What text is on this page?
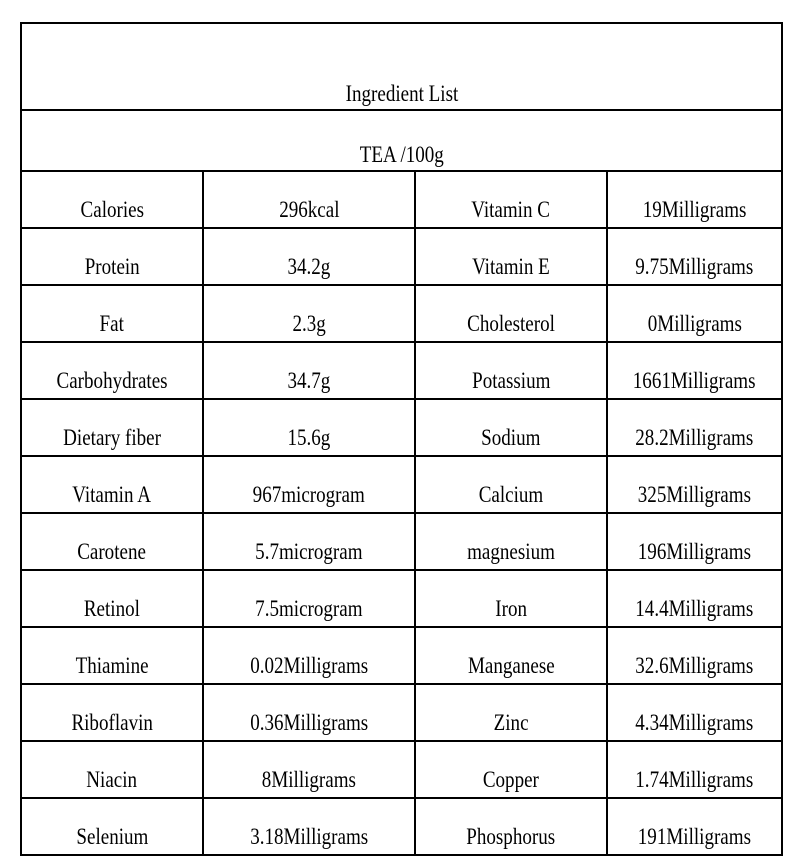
Ingredient List			
TEA /100g			
Calories	296kcal	Vitamin C	19Milligrams
Protein	34.2g	Vitamin E	9.75Milligrams
Fat	2.3g	Cholesterol	0Milligrams
Carbohydrates	34.7g	Potassium	1661Milligrams
Dietary fiber	15.6g	Sodium	28.2Milligrams
Vitamin A	967microgram	Calcium	325Milligrams
Carotene	5.7microgram	magnesium	196Milligrams
Retinol	7.5microgram	Iron	14.4Milligrams
Thiamine	0.02Milligrams	Manganese	32.6Milligrams
Riboflavin	0.36Milligrams	Zinc	4.34Milligrams
Niacin	8Milligrams	Copper	1.74Milligrams
Selenium	3.18Milligrams	Phosphorus	191Milligrams
